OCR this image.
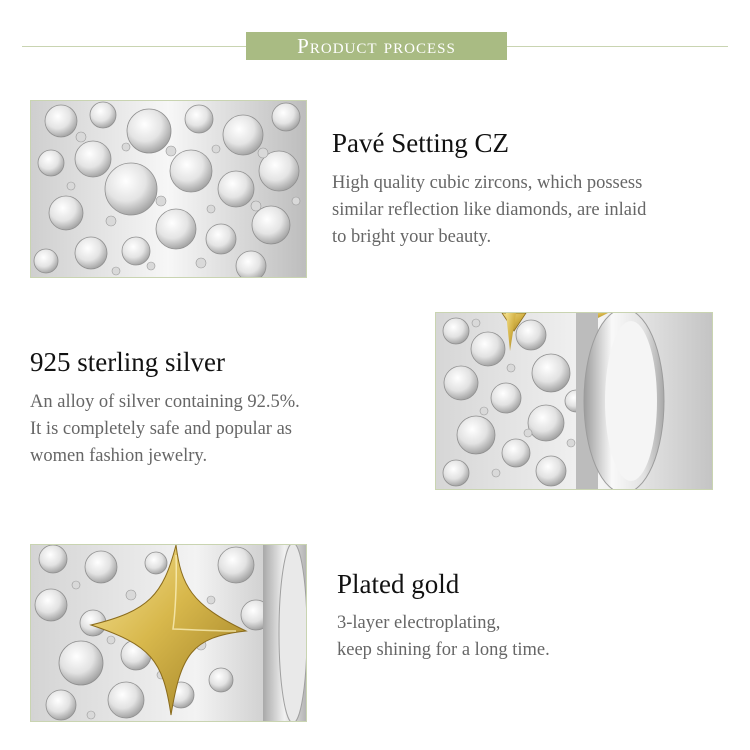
Product process
Pavé Setting CZ
High quality cubic zircons, which possess
similar reflection like diamonds, are inlaid
to bright your beauty.
925 sterling silver
An alloy of silver containing 92.5%.
It is completely safe and popular as
women fashion jewelry.
Plated gold
3-layer electroplating,
keep shining for a long time.
